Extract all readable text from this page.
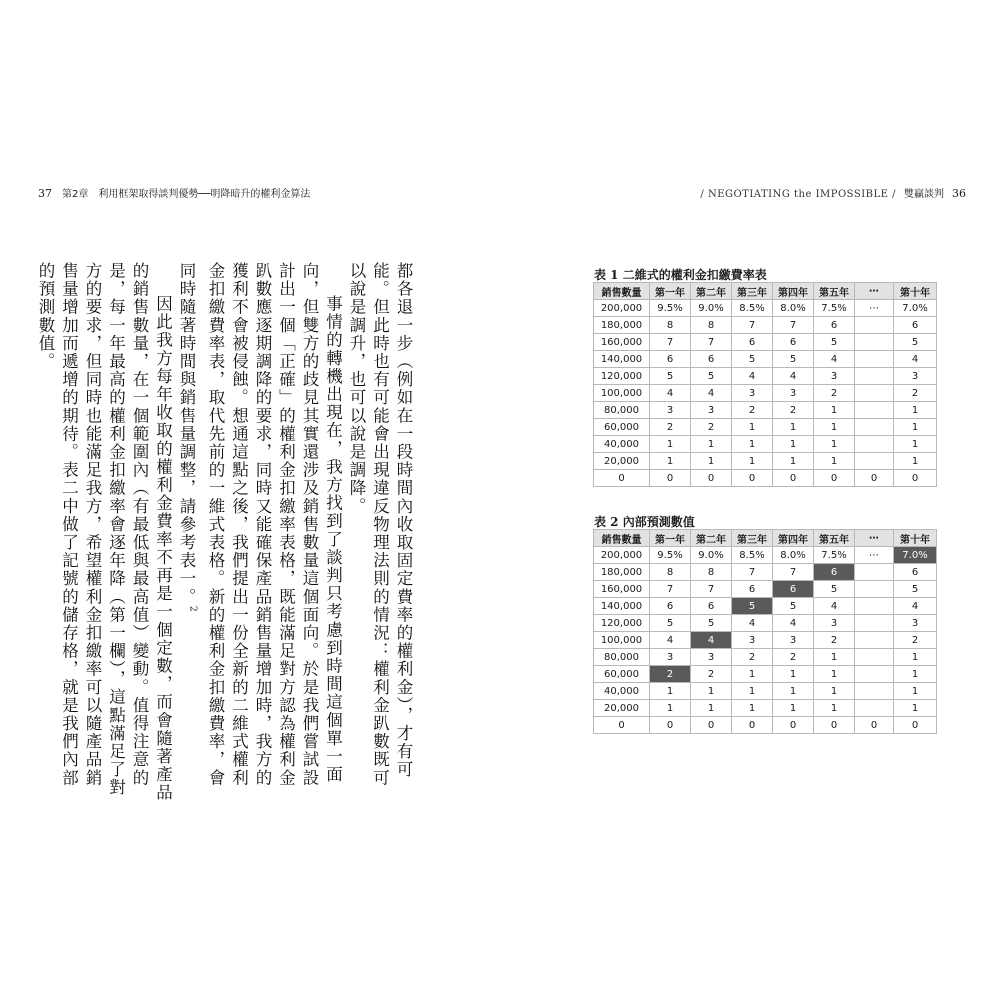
37 第2章　利用框架取得談判優勢──明降暗升的權利金算法	/ NEGOTIATING the IMPOSSIBLE / 雙贏談判 36

都各退一步（例如在一段時間內收取固定費率的權利金），才有可能。但此時也有可能會出現違反物理法則的情況：權利金趴數既可以說是調升，也可以說是調降。

事情的轉機出現在，我方找到了談判只考慮到時間這個單一面向，但雙方的歧見其實還涉及銷售數量這個面向。於是我們嘗試設計出一個「正確」的權利金扣繳率表格，既能滿足對方認為權利金趴數應逐期調降的要求，同時又能確保產品銷售量增加時，我方的獲利不會被侵蝕。想通這點之後，我們提出一份全新的二維式權利金扣繳費率表，取代先前的一維式表格。新的權利金扣繳費率，會同時隨著時間與銷售量調整，請參考表一。$^2$

因此我方每年收取的權利金費率不再是一個定數，而會隨著產品的銷售數量，在一個範圍內（有最低與最高值）變動。值得注意的是，每一年最高的權利金扣繳率會逐年降（第一欄），這點滿足了對方的要求，但同時也能滿足我方，希望權利金扣繳率可以隨產品銷售量增加而遞增的期待。表二中做了記號的儲存格，就是我們內部的預測數值。	表 1 二維式的權利金扣繳費率表
銷售數量	第一年	第二年	第三年	第四年	第五年	⋯	第十年
200,000	9.5%	9.0%	8.5%	8.0%	7.5%	⋯	7.0%
180,000	8	8	7	7	6		6
160,000	7	7	6	6	5		5
140,000	6	6	5	5	4		4
120,000	5	5	4	4	3		3
100,000	4	4	3	3	2		2
80,000	3	3	2	2	1		1
60,000	2	2	1	1	1		1
40,000	1	1	1	1	1		1
20,000	1	1	1	1	1		1
0	0	0	0	0	0	0	0
表 2 內部預測數值
銷售數量	第一年	第二年	第三年	第四年	第五年	⋯	第十年
200,000	9.5%	9.0%	8.5%	8.0%	7.5%	⋯	7.0%
180,000	8	8	7	7	6		6
160,000	7	7	6	6	5		5
140,000	6	6	5	5	4		4
120,000	5	5	4	4	3		3
100,000	4	4	3	3	2		2
80,000	3	3	2	2	1		1
60,000	2	2	1	1	1		1
40,000	1	1	1	1	1		1
20,000	1	1	1	1	1		1
0	0	0	0	0	0	0	0
